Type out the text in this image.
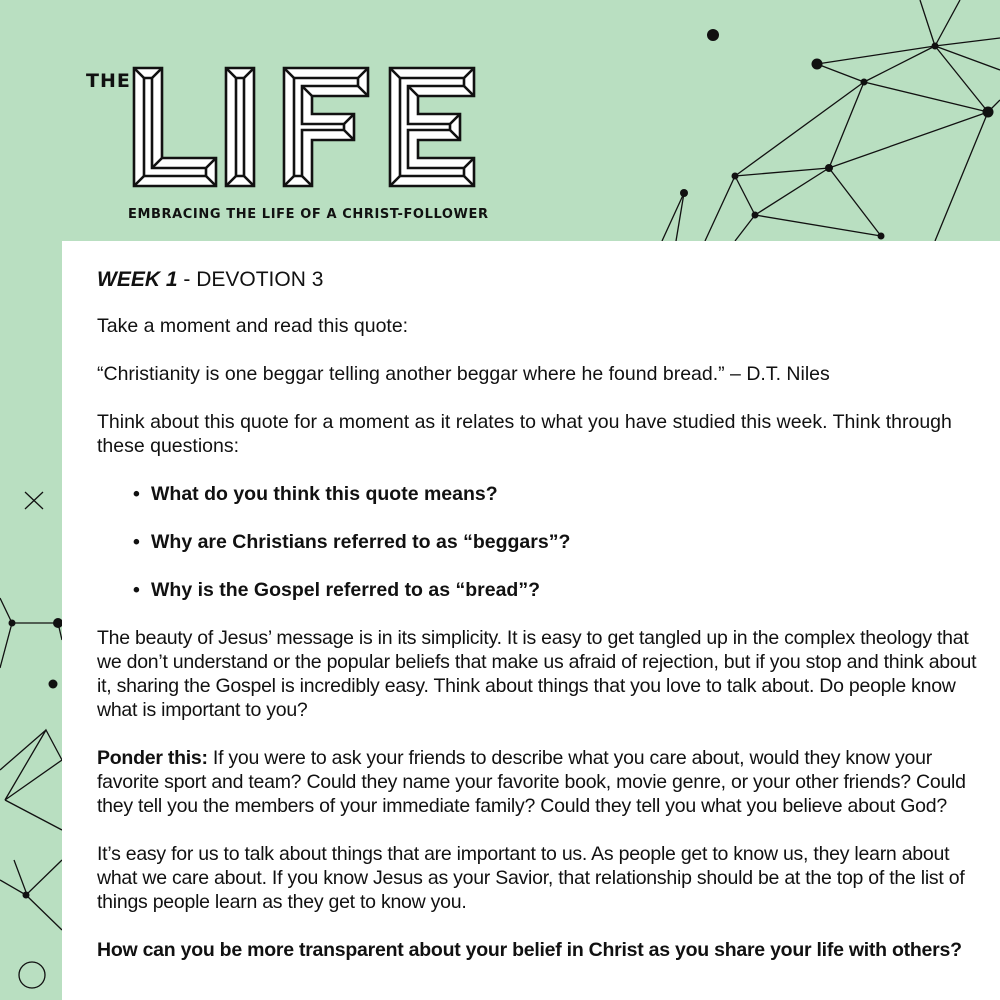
THE
EMBRACING THE LIFE OF A CHRIST-FOLLOWER

WEEK 1 - DEVOTION 3

Take a moment and read this quote:

“Christianity is one beggar telling another beggar where he found bread.” – D.T. Niles

Think about this quote for a moment as it relates to what you have studied this week. Think through these questions:

• What do you think this quote means?
• Why are Christians referred to as “beggars”?
• Why is the Gospel referred to as “bread”?

The beauty of Jesus’ message is in its simplicity. It is easy to get tangled up in the complex theology that we don’t understand or the popular beliefs that make us afraid of rejection, but if you stop and think about it, sharing the Gospel is incredibly easy. Think about things that you love to talk about. Do people know what is important to you?

Ponder this: If you were to ask your friends to describe what you care about, would they know your favorite sport and team? Could they name your favorite book, movie genre, or your other friends? Could they tell you the members of your immediate family? Could they tell you what you believe about God?

It’s easy for us to talk about things that are important to us. As people get to know us, they learn about what we care about. If you know Jesus as your Savior, that relationship should be at the top of the list of things people learn as they get to know you.

How can you be more transparent about your belief in Christ as you share your life with others?
